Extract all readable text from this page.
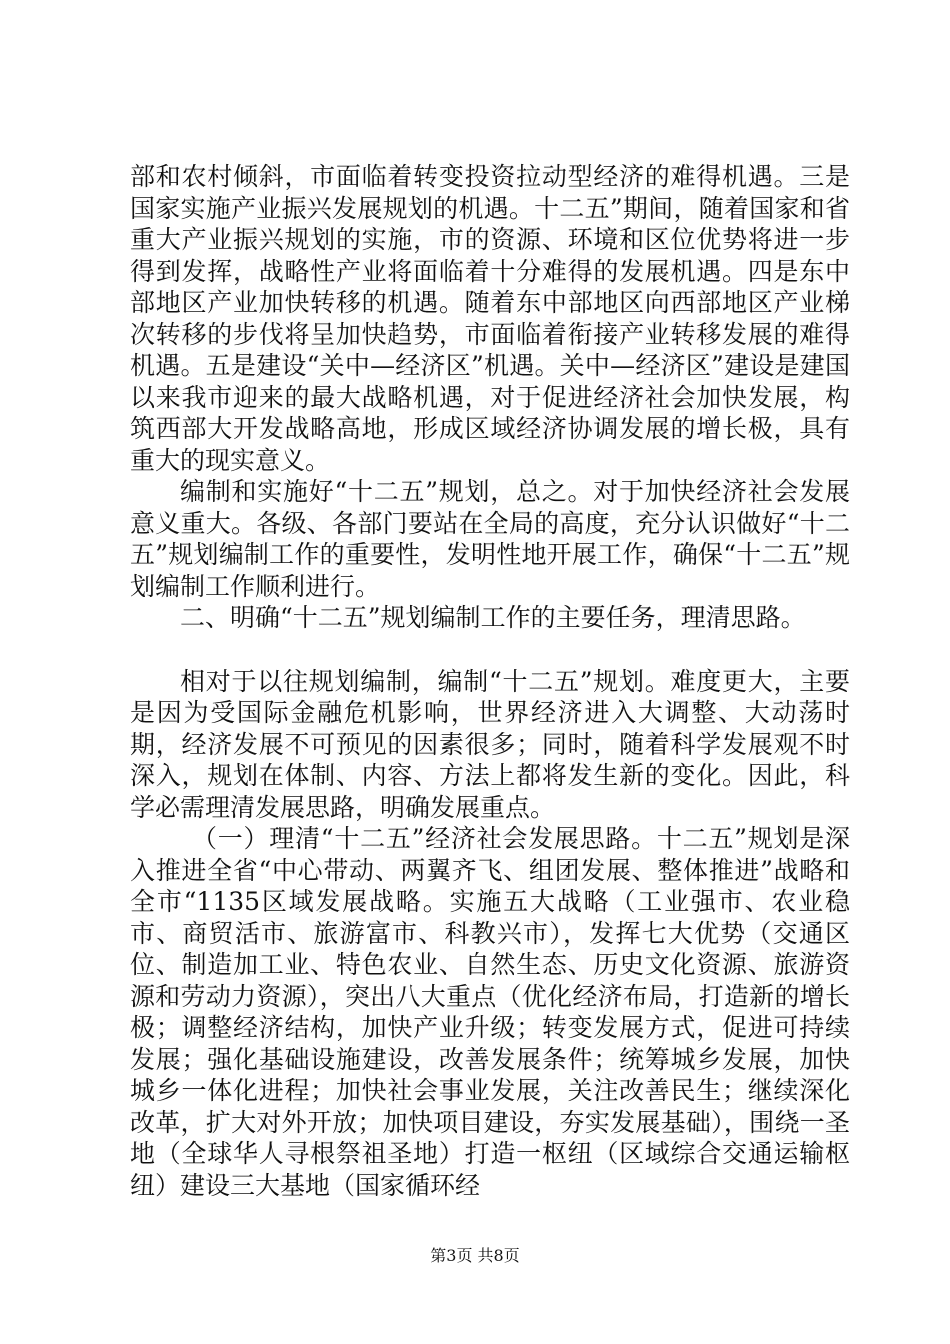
部和农村倾斜，市面临着转变投资拉动型经济的难得机遇。三是国家实施产业振兴发展规划的机遇。十二五”期间，随着国家和省重大产业振兴规划的实施，市的资源、环境和区位优势将进一步得到发挥，战略性产业将面临着十分难得的发展机遇。四是东中部地区产业加快转移的机遇。随着东中部地区向西部地区产业梯次转移的步伐将呈加快趋势，市面临着衔接产业转移发展的难得机遇。五是建设“关中—经济区”机遇。关中—经济区”建设是建国以来我市迎来的最大战略机遇，对于促进经济社会加快发展，构筑西部大开发战略高地，形成区域经济协调发展的增长极，具有重大的现实意义。

编制和实施好“十二五”规划，总之。对于加快经济社会发展意义重大。各级、各部门要站在全局的高度，充分认识做好“十二五”规划编制工作的重要性，发明性地开展工作，确保“十二五”规划编制工作顺利进行。

二、明确“十二五”规划编制工作的主要任务，理清思路。

相对于以往规划编制，编制“十二五”规划。难度更大，主要是因为受国际金融危机影响，世界经济进入大调整、大动荡时期，经济发展不可预见的因素很多；同时，随着科学发展观不时深入，规划在体制、内容、方法上都将发生新的变化。因此，科学必需理清发展思路，明确发展重点。

（一）理清“十二五”经济社会发展思路。十二五”规划是深入推进全省“中心带动、两翼齐飞、组团发展、整体推进”战略和全市“1135区域发展战略。实施五大战略（工业强市、农业稳市、商贸活市、旅游富市、科教兴市），发挥七大优势（交通区位、制造加工业、特色农业、自然生态、历史文化资源、旅游资源和劳动力资源），突出八大重点（优化经济布局，打造新的增长极；调整经济结构，加快产业升级；转变发展方式，促进可持续发展；强化基础设施建设，改善发展条件；统筹城乡发展，加快城乡一体化进程；加快社会事业发展，关注改善民生；继续深化改革，扩大对外开放；加快项目建设，夯实发展基础），围绕一圣地（全球华人寻根祭祖圣地）打造一枢纽（区域综合交通运输枢纽）建设三大基地（国家循环经

第3页 共8页
